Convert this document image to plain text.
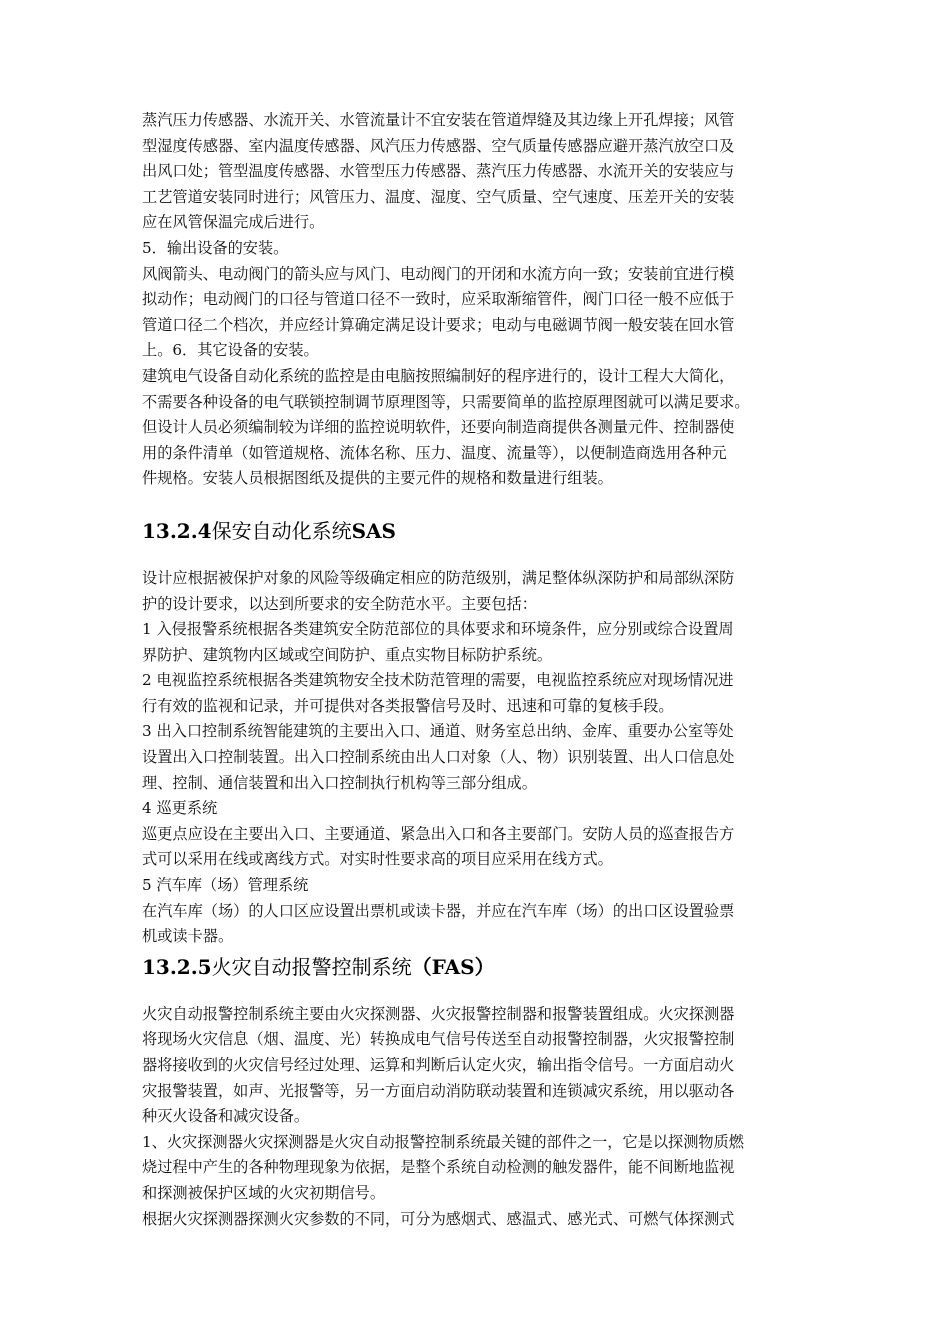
蒸汽压力传感器、水流开关、水管流量计不宜安装在管道焊缝及其边缘上开孔焊接；风管
型湿度传感器、室内温度传感器、风汽压力传感器、空气质量传感器应避开蒸汽放空口及
出风口处；管型温度传感器、水管型压力传感器、蒸汽压力传感器、水流开关的安装应与
工艺管道安装同时进行；风管压力、温度、湿度、空气质量、空气速度、压差开关的安装
应在风管保温完成后进行。

5．输出设备的安装。

风阀箭头、电动阀门的箭头应与风门、电动阀门的开闭和水流方向一致；安装前宜进行模
拟动作；电动阀门的口径与管道口径不一致时，应采取渐缩管件，阀门口径一般不应低于
管道口径二个档次，并应经计算确定满足设计要求；电动与电磁调节阀一般安装在回水管
上。6．其它设备的安装。

建筑电气设备自动化系统的监控是由电脑按照编制好的程序进行的，设计工程大大简化，
不需要各种设备的电气联锁控制调节原理图等，只需要简单的监控原理图就可以满足要求。
但设计人员必须编制较为详细的监控说明软件，还要向制造商提供各测量元件、控制器使
用的条件清单（如管道规格、流体名称、压力、温度、流量等），以便制造商选用各种元
件规格。安装人员根据图纸及提供的主要元件的规格和数量进行组装。

13.2.4保安自动化系统SAS

设计应根据被保护对象的风险等级确定相应的防范级别，满足整体纵深防护和局部纵深防
护的设计要求，以达到所要求的安全防范水平。主要包括：

1 入侵报警系统根据各类建筑安全防范部位的具体要求和环境条件，应分别或综合设置周
界防护、建筑物内区域或空间防护、重点实物目标防护系统。

2 电视监控系统根据各类建筑物安全技术防范管理的需要，电视监控系统应对现场情况进
行有效的监视和记录，并可提供对各类报警信号及时、迅速和可靠的复核手段。

3 出入口控制系统智能建筑的主要出入口、通道、财务室总出纳、金库、重要办公室等处
设置出入口控制装置。出入口控制系统由出人口对象（人、物）识别装置、出人口信息处
理、控制、通信装置和出入口控制执行机构等三部分组成。

4 巡更系统

巡更点应设在主要出入口、主要通道、紧急出入口和各主要部门。安防人员的巡查报告方
式可以采用在线或离线方式。对实时性要求高的项目应采用在线方式。

5 汽车库（场）管理系统

在汽车库（场）的人口区应设置出票机或读卡器，并应在汽车库（场）的出口区设置验票
机或读卡器。

13.2.5火灾自动报警控制系统（FAS）

火灾自动报警控制系统主要由火灾探测器、火灾报警控制器和报警装置组成。火灾探测器
将现场火灾信息（烟、温度、光）转换成电气信号传送至自动报警控制器，火灾报警控制
器将接收到的火灾信号经过处理、运算和判断后认定火灾，输出指令信号。一方面启动火
灾报警装置，如声、光报警等，另一方面启动消防联动装置和连锁减灾系统，用以驱动各
种灭火设备和减灾设备。

1、火灾探测器火灾探测器是火灾自动报警控制系统最关键的部件之一，它是以探测物质燃
烧过程中产生的各种物理现象为依据，是整个系统自动检测的触发器件，能不间断地监视
和探测被保护区域的火灾初期信号。

根据火灾探测器探测火灾参数的不同，可分为感烟式、感温式、感光式、可燃气体探测式
